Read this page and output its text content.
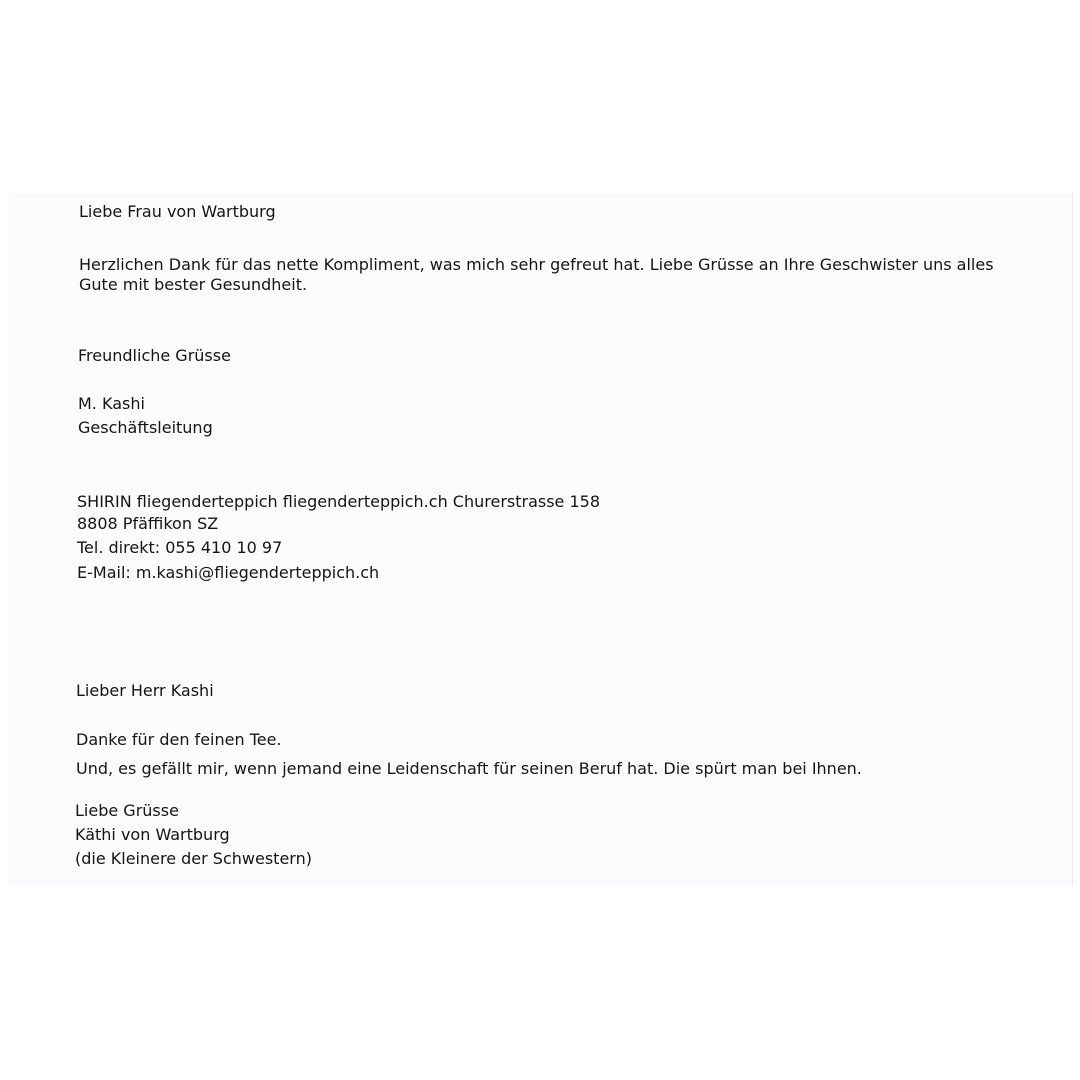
Liebe Frau von Wartburg
Herzlichen Dank für das nette Kompliment, was mich sehr gefreut hat. Liebe Grüsse an Ihre Geschwister uns alles
Gute mit bester Gesundheit.
Freundliche Grüsse
M. Kashi
Geschäftsleitung
SHIRIN fliegenderteppich fliegenderteppich.ch Churerstrasse 158
8808 Pfäffikon SZ
Tel. direkt: 055 410 10 97
E-Mail: m.kashi@fliegenderteppich.ch
Lieber Herr Kashi
Danke für den feinen Tee.
Und, es gefällt mir, wenn jemand eine Leidenschaft für seinen Beruf hat. Die spürt man bei Ihnen.
Liebe Grüsse
Käthi von Wartburg
(die Kleinere der Schwestern)
